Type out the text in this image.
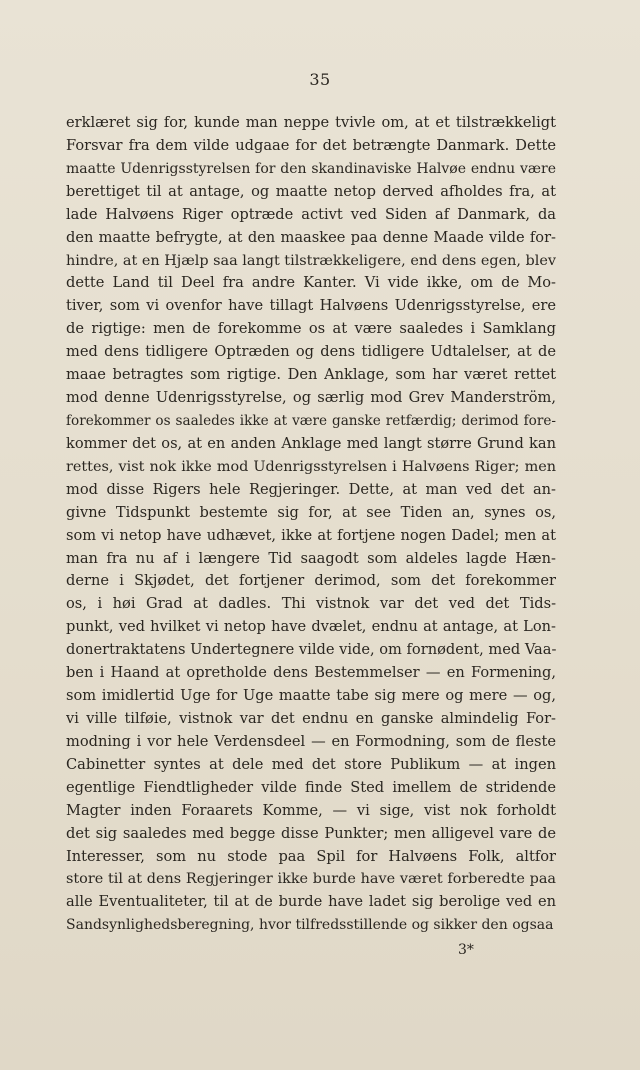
35
erklæret sig for, kunde man neppe tvivle om, at et tilstrækkeligt
Forsvar fra dem vilde udgaae for det betrængte Danmark. Dette
maatte Udenrigsstyrelsen for den skandinaviske Halvøe endnu være
berettiget til at antage, og maatte netop derved afholdes fra, at
lade Halvøens Riger optræde activt ved Siden af Danmark, da
den maatte befrygte, at den maaskee paa denne Maade vilde for-
hindre, at en Hjælp saa langt tilstrækkeligere, end dens egen, blev
dette Land til Deel fra andre Kanter. Vi vide ikke, om de Mo-
tiver, som vi ovenfor have tillagt Halvøens Udenrigsstyrelse, ere
de rigtige: men de forekomme os at være saaledes i Samklang
med dens tidligere Optræden og dens tidligere Udtalelser, at de
maae betragtes som rigtige. Den Anklage, som har været rettet
mod denne Udenrigsstyrelse, og særlig mod Grev Manderström,
forekommer os saaledes ikke at være ganske retfærdig; derimod fore-
kommer det os, at en anden Anklage med langt større Grund kan
rettes, vist nok ikke mod Udenrigsstyrelsen i Halvøens Riger; men
mod disse Rigers hele Regjeringer. Dette, at man ved det an-
givne Tidspunkt bestemte sig for, at see Tiden an, synes os,
som vi netop have udhævet, ikke at fortjene nogen Dadel; men at
man fra nu af i længere Tid saagodt som aldeles lagde Hæn-
derne i Skjødet, det fortjener derimod, som det forekommer
os, i høi Grad at dadles. Thi vistnok var det ved det Tids-
punkt, ved hvilket vi netop have dvælet, endnu at antage, at Lon-
donertraktatens Undertegnere vilde vide, om fornødent, med Vaa-
ben i Haand at opretholde dens Bestemmelser — en Formening,
som imidlertid Uge for Uge maatte tabe sig mere og mere — og,
vi ville tilføie, vistnok var det endnu en ganske almindelig For-
modning i vor hele Verdensdeel — en Formodning, som de fleste
Cabinetter syntes at dele med det store Publikum — at ingen
egentlige Fiendtligheder vilde finde Sted imellem de stridende
Magter inden Foraarets Komme, — vi sige, vist nok forholdt
det sig saaledes med begge disse Punkter; men alligevel vare de
Interesser, som nu stode paa Spil for Halvøens Folk, altfor
store til at dens Regjeringer ikke burde have været forberedte paa
alle Eventualiteter, til at de burde have ladet sig berolige ved en
Sandsynlighedsberegning, hvor tilfredsstillende og sikker den ogsaa
3*
